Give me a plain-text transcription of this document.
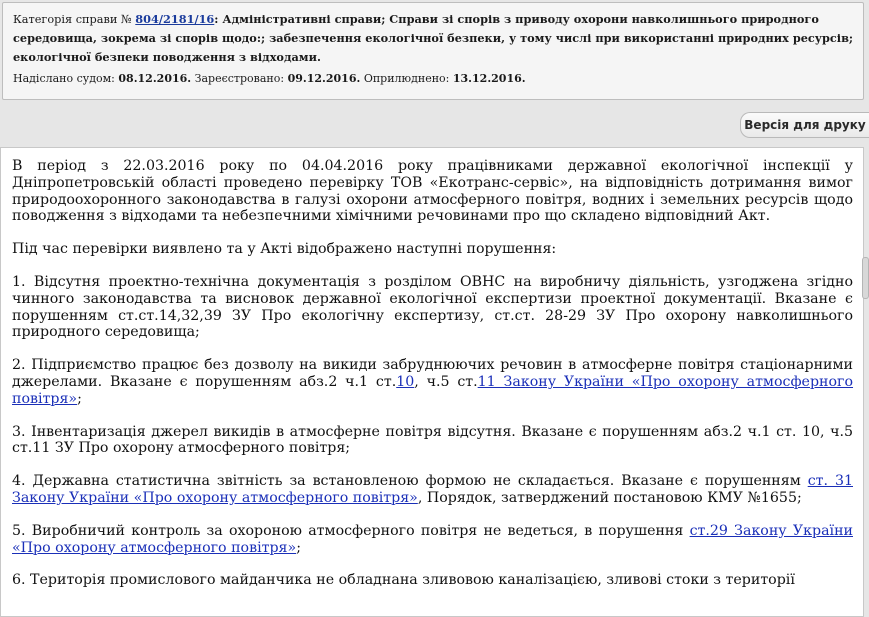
Категорія справи № 804/2181/16: Адміністративні справи; Справи зі спорів з приводу охорони навколишнього природного середовища, зокрема зі спорів щодо:; забезпечення екологічної безпеки, у тому числі при використанні природних ресурсів; екологічної безпеки поводження з відходами.
Надіслано судом: 08.12.2016. Зареєстровано: 09.12.2016. Оприлюднено: 13.12.2016.
Версія для друку

В період з 22.03.2016 року по 04.04.2016 року працівниками державної екологічної інспекції у Дніпропетровській області проведено перевірку ТОВ «Екотранс-сервіс», на відповідність дотримання вимог природоохоронного законодавства в галузі охорони атмосферного повітря, водних і земельних ресурсів щодо поводження з відходами та небезпечними хімічними речовинами про що складено відповідний Акт.

Під час перевірки виявлено та у Акті відображено наступні порушення:

1. Відсутня проектно-технічна документація з розділом ОВНС на виробничу діяльність, узгоджена згідно чинного законодавства та висновок державної екологічної експертизи проектної документації. Вказане є порушенням ст.ст.14,32,39 ЗУ Про екологічну експертизу, ст.ст. 28-29 ЗУ Про охорону навколишнього природного середовища;

2. Підприємство працює без дозволу на викиди забруднюючих речовин в атмосферне повітря стаціонарними джерелами. Вказане є порушенням абз.2 ч.1 ст.10, ч.5 ст.11 Закону України «Про охорону атмосферного повітря»;

3. Інвентаризація джерел викидів в атмосферне повітря відсутня. Вказане є порушенням абз.2 ч.1 ст. 10, ч.5 ст.11 ЗУ Про охорону атмосферного повітря;

4. Державна статистична звітність за встановленою формою не складається. Вказане є порушенням ст. 31 Закону України «Про охорону атмосферного повітря», Порядок, затверджений постановою КМУ №1655;

5. Виробничий контроль за охороною атмосферного повітря не ведеться, в порушення ст.29 Закону України «Про охорону атмосферного повітря»;

6. Територія промислового майданчика не обладнана зливовою каналізацією, зливові стоки з території
